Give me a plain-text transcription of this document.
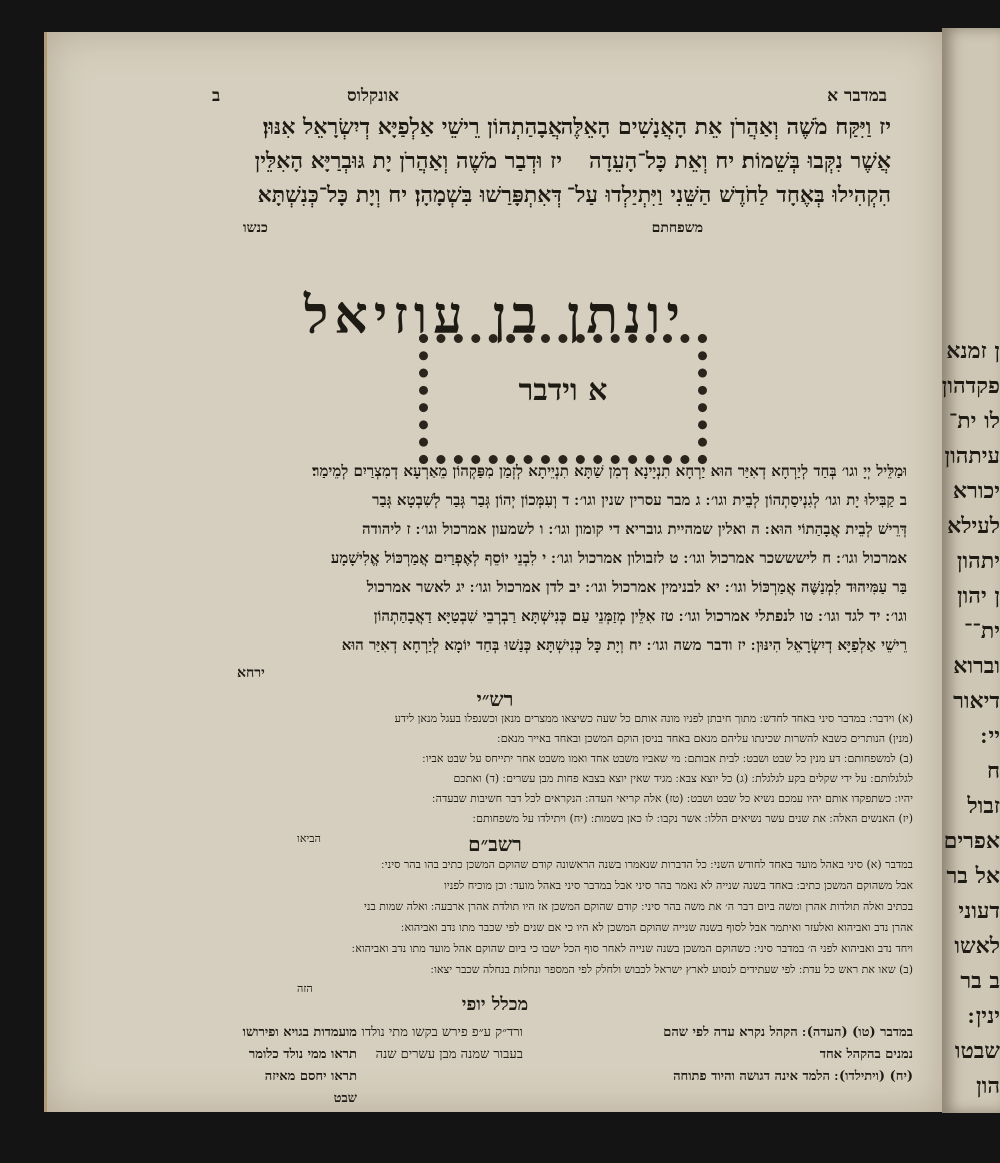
במדבר א
אונקלוס
ב
יז וַיִּקַּח מֹשֶׁה וְאַהֲרֹן אֵת הָאֲנָשִׁים הָאֵלֶּה
אֲשֶׁר נִקְּבוּ בְּשֵׁמוֹת׃ יח וְאֵת כָּל־הָעֵדָה
הִקְהִילוּ בְּאֶחָד לַחֹדֶשׁ הַשֵּׁנִי וַיִּתְיַלְדוּ עַל־
משפחתם
אֲבָהַתְהוֹן רֵישֵׁי אַלְפַיָּא דְיִשְׂרָאֵל אִנּוּן׃
יז וּדְבַר מֹשֶׁה וְאַהֲרֹן יָת גּוּבְרַיָּא הָאִלֵּין
דְּאִתְפָּרַשׁוּ בִּשְׁמָהָן׃ יח וְיָת כָּל־כְּנִשְׁתָּא
כנשו
יונתן בן עוזיאל
א וידבר
וּמַלֵּיל יְיָ וגו׳ בְּחַד לְיַרְחָא דְאִיַּר הוּא יַרְחָא תִנְיָינָא דְמִן שַׁתָּא תִנְיֵיתָא לְזְמַן מִפַּקְהוֹן מֵאַרְעָא דְמִצְרַיִם לְמֵימַר׃
ב קַבִּילוּ יָת וגו׳ לְגִנְיסַתְהוֹן לְבֵית וגו׳ ׃ ג מבר עסרין שנין וגו׳ ׃ ד וְעִמְּכוֹן יְהוֹן גְּבַר גְּבַר לְשִׁבְטָא גְּבַר
דְּרֵישׁ לְבֵית אֲבָהַתוֹי הוּא ׃ ה ואלין שמהיית גובריא די קומון וגו׳ ׃ ו לשמעון אמרכול וגו׳ ׃ ז ליהודה
אמרכול וגו׳ ׃ ח לישששכר אמרכול וגו׳ ׃ ט לזבולון אמרכול וגו׳ ׃ י לִבְנֵי יוֹסֵף לְאֶפְרַיִם אֲמַרְכּוֹל אֱלִישָׁמָע
בַּר עַמִּיהוּד לִמְנַשֶּׁה אֲמַרְכּוֹל וגו׳ ׃ יא לבנימין אמרכול וגו׳ ׃ יב לדן אמרכול וגו׳ ׃ יג לאשר אמרכול
וגו׳ ׃ יד לגד וגו׳ ׃ טו לנפתלי אמרכול וגו׳ ׃ טז אִלֵּין מְזַמְּנֵי עַם כְּנִישְׁתָּא רַבְרְבֵי שִׁבְטַיָּא דַאֲבָהַתְהוֹן
רֵישֵׁי אַלְפַיָּא דְיִשְׂרָאֵל הִינּוּן ׃ יז ודבר משה וגו׳ ׃ יח וְיָת כָּל כְּנִישְׁתָּא כְּנַשׁוּ בְּחַד יוֹמָא לְיַרְחָא דְאִיַּר הוּא
ירחא
רש״י
(א) וידבר ׃ במדבר סיני באחד לחדש ׃ מתוך חיבתן לפניו מונה אותם כל שעה כשיצאו ממצרים מנאן וכשנפלו בעגל מנאן לידע
(מנין) הנותרים כשבא להשרות שכינתו עליהם מנאם באחד בניסן הוקם המשכן ובאחד באייר מנאם ׃
(ב) למשפחותם ׃ דע מנין כל שבט ושבט ׃ לבית אבותם ׃ מי שאביו משבט אחד ואמו משבט אחר יתייחס על שבט אביו ׃
לגלגלותם ׃ על ידי שקלים בקע לגלגלת ׃ (ג) כל יוצא צבא ׃ מגיד שאין יוצא בצבא פחות מבן עשרים ׃ (ד) ואתכם
יהיו ׃ כשתפקדו אותם יהיו עמכם נשיא כל שבט ושבט ׃ (טז) אלה קריאי העדה ׃ הנקראים לכל דבר חשיבות שבעדה ׃
(יז) האנשים האלה ׃ את שנים עשר נשיאים הללו ׃ אשר נקבו ׃ לו כאן בשמות ׃ (יח) ויתילדו על משפחותם ׃
הביאו	רשב״ם
במדבר (א) סיני באהל מועד באחד לחודש השני ׃ כל הדברות שנאמרו בשנה הראשונה קודם שהוקם המשכן כתיב בהו בהר סיני ׃
אבל משהוקם המשכן כתיב ׃ באחד בשנה שנייה לא נאמר בהר סיני אבל במדבר סיני באהל מועד ׃ וכן מוכיח לפניו
בכתיב ואלה תולדות אהרן ומשה ביום דבר ה׳ את משה בהר סיני ׃ קודם שהוקם המשכן אז היו תולדת אהרן ארבעה ׃ ואלה שמות בני
אהרן נדב ואביהוא ואלעזר ואיתמר אבל לסוף בשנה שנייה שהוקם המשכן לא היו כי אם שנים לפי שכבר מתו נדב ואביהוא ׃
ויחד נדב ואביהוא לפני ה׳ במדבר סיני ׃ כשהוקם המשכן בשנה שנייה לאחר סוף הכל ישבו כי ביום שהוקם אהל מועד מתו נדב ואביהוא ׃
(ב) שאו את ראש כל עדת ׃ לפי שעתידים לנסוע לארץ ישראל לכבוש ולחלק לפי המספר ונחלות בנחלה שכבר יצאו ׃
הזה
מכלל יופי
במדבר (טו) (העדה) ׃ הקהל נקרא עדה לפי שהם
נמנים בהקהל אחד
(יח) (ויתילדו) ׃ הלמד אינה דגושה והיוד פתוחה
ורד״ק ע״פ פירש בקשו מתי נולדו
בעבור שמנה מבן עשרים שנה
מועמדות בגויא ופירושו
תראו ממי נולד כלומר
תראו יחסם מאיזה
שבט
ן זמנא
פקדהון
לו ית־
עיתהון
יכורא
לעילא
יתהון
ן יהון
ית־־
וברוא
דיאור
יי ׃
ח
זבול
אפרים
אל בר
דעוני
לאשו
ב בר
ינין ׃
שבטו
הון
